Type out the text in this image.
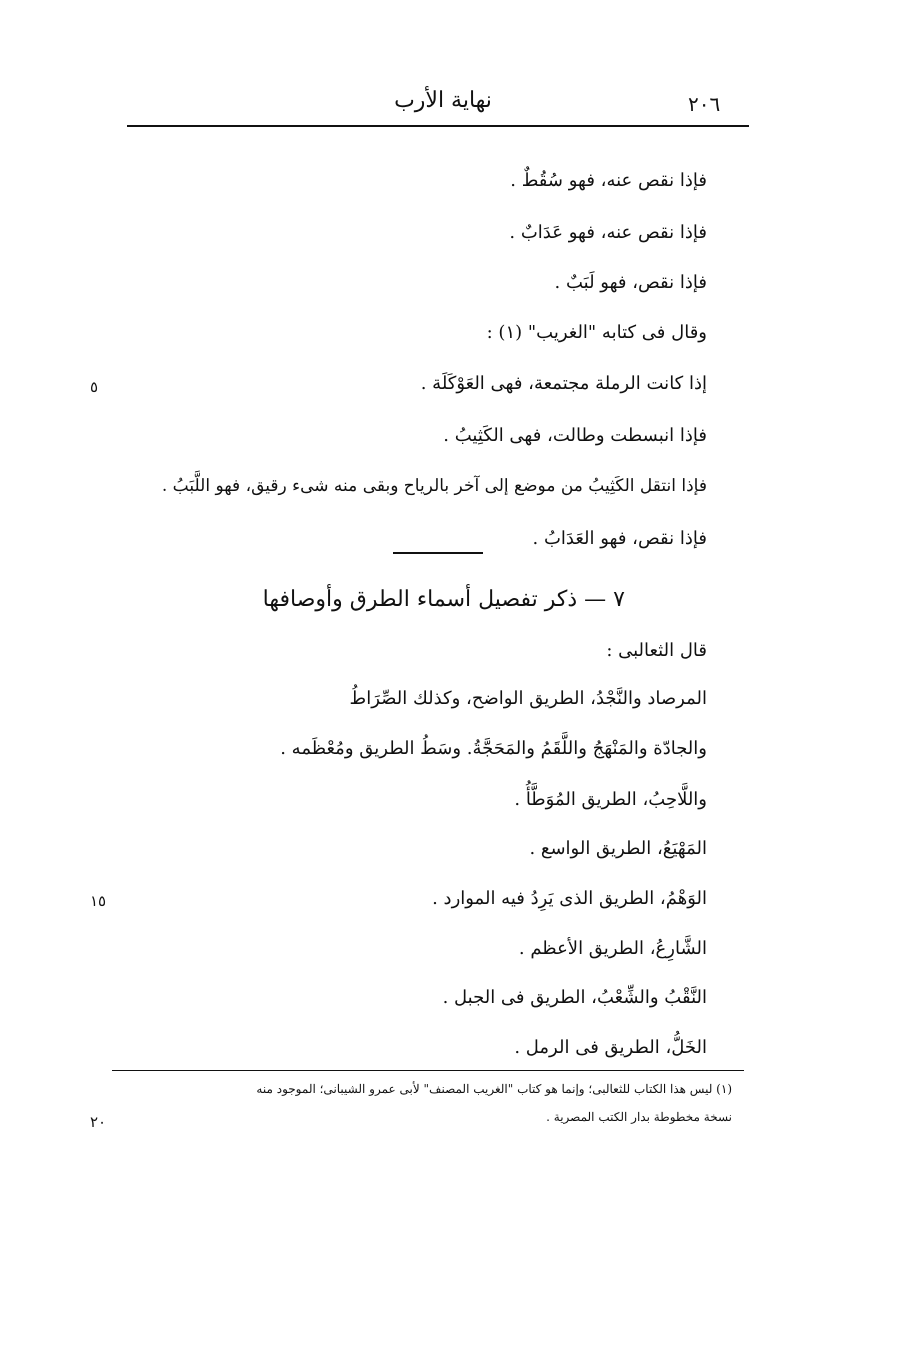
نهاية الأرب	٢٠٦
فإذا نقص عنه، فهو سُقُطٌ .
فإذا نقص عنه، فهو عَدَابٌ .
فإذا نقص، فهو لَبَبٌ .
وقال فى كتابه "الغريب" (١) :
إذا كانت الرملة مجتمعة، فهى العَوْكَلَة .
فإذا انبسطت وطالت، فهى الكَثِيبُ .
فإذا انتقل الكَثِيبُ من موضع إلى آخر بالرياح وبقى منه شىء رقيق، فهو اللَّبَبُ .
فإذا نقص، فهو العَدَابُ .
٧ — ذكر تفصيل أسماء الطرق وأوصافها
قال الثعالبى :
المرصاد والنَّجْدُ، الطريق الواضح، وكذلك الصِّرَاطُ
والجادّة والمَنْهَجُ واللَّقَمُ والمَحَجَّةُ. وسَطُ الطريق ومُعْظَمه .
واللَّاحِبُ، الطريق المُوَطَّأُ .
المَهْيَعُ، الطريق الواسع .
الوَهْمُ، الطريق الذى يَرِدُ فيه الموارد .
الشَّارِعُ، الطريق الأعظم .
النَّقْبُ والشِّعْبُ، الطريق فى الجبل .
الخَلُّ، الطريق فى الرمل .
٥
١٥
٢٠
(١) ليس هذا الكتاب للثعالبى؛ وإنما هو كتاب "الغريب المصنف" لأبى عمرو الشيبانى؛ الموجود منه
نسخة مخطوطة بدار الكتب المصرية .
